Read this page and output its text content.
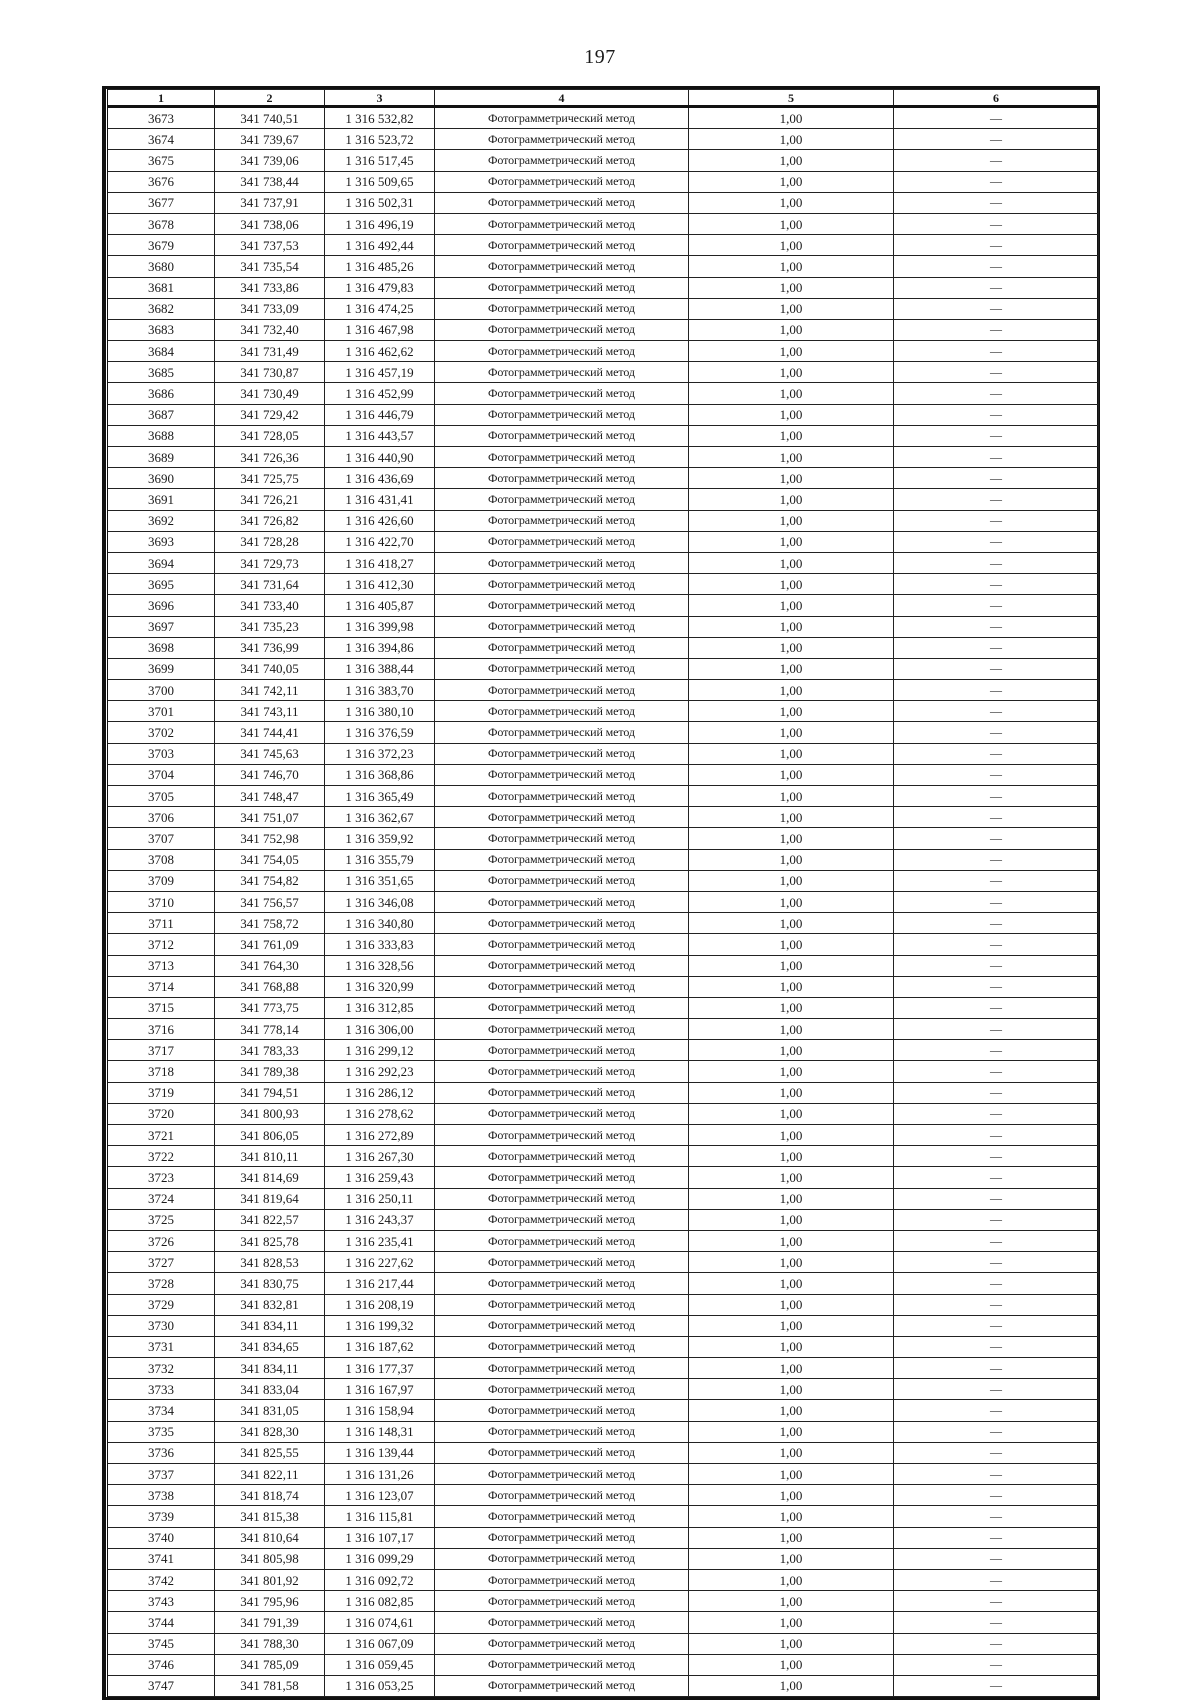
197
1	2	3	4	5	6
3673	341 740,51	1 316 532,82	Фотограмметрический метод	1,00	—
3674	341 739,67	1 316 523,72	Фотограмметрический метод	1,00	—
3675	341 739,06	1 316 517,45	Фотограмметрический метод	1,00	—
3676	341 738,44	1 316 509,65	Фотограмметрический метод	1,00	—
3677	341 737,91	1 316 502,31	Фотограмметрический метод	1,00	—
3678	341 738,06	1 316 496,19	Фотограмметрический метод	1,00	—
3679	341 737,53	1 316 492,44	Фотограмметрический метод	1,00	—
3680	341 735,54	1 316 485,26	Фотограмметрический метод	1,00	—
3681	341 733,86	1 316 479,83	Фотограмметрический метод	1,00	—
3682	341 733,09	1 316 474,25	Фотограмметрический метод	1,00	—
3683	341 732,40	1 316 467,98	Фотограмметрический метод	1,00	—
3684	341 731,49	1 316 462,62	Фотограмметрический метод	1,00	—
3685	341 730,87	1 316 457,19	Фотограмметрический метод	1,00	—
3686	341 730,49	1 316 452,99	Фотограмметрический метод	1,00	—
3687	341 729,42	1 316 446,79	Фотограмметрический метод	1,00	—
3688	341 728,05	1 316 443,57	Фотограмметрический метод	1,00	—
3689	341 726,36	1 316 440,90	Фотограмметрический метод	1,00	—
3690	341 725,75	1 316 436,69	Фотограмметрический метод	1,00	—
3691	341 726,21	1 316 431,41	Фотограмметрический метод	1,00	—
3692	341 726,82	1 316 426,60	Фотограмметрический метод	1,00	—
3693	341 728,28	1 316 422,70	Фотограмметрический метод	1,00	—
3694	341 729,73	1 316 418,27	Фотограмметрический метод	1,00	—
3695	341 731,64	1 316 412,30	Фотограмметрический метод	1,00	—
3696	341 733,40	1 316 405,87	Фотограмметрический метод	1,00	—
3697	341 735,23	1 316 399,98	Фотограмметрический метод	1,00	—
3698	341 736,99	1 316 394,86	Фотограмметрический метод	1,00	—
3699	341 740,05	1 316 388,44	Фотограмметрический метод	1,00	—
3700	341 742,11	1 316 383,70	Фотограмметрический метод	1,00	—
3701	341 743,11	1 316 380,10	Фотограмметрический метод	1,00	—
3702	341 744,41	1 316 376,59	Фотограмметрический метод	1,00	—
3703	341 745,63	1 316 372,23	Фотограмметрический метод	1,00	—
3704	341 746,70	1 316 368,86	Фотограмметрический метод	1,00	—
3705	341 748,47	1 316 365,49	Фотограмметрический метод	1,00	—
3706	341 751,07	1 316 362,67	Фотограмметрический метод	1,00	—
3707	341 752,98	1 316 359,92	Фотограмметрический метод	1,00	—
3708	341 754,05	1 316 355,79	Фотограмметрический метод	1,00	—
3709	341 754,82	1 316 351,65	Фотограмметрический метод	1,00	—
3710	341 756,57	1 316 346,08	Фотограмметрический метод	1,00	—
3711	341 758,72	1 316 340,80	Фотограмметрический метод	1,00	—
3712	341 761,09	1 316 333,83	Фотограмметрический метод	1,00	—
3713	341 764,30	1 316 328,56	Фотограмметрический метод	1,00	—
3714	341 768,88	1 316 320,99	Фотограмметрический метод	1,00	—
3715	341 773,75	1 316 312,85	Фотограмметрический метод	1,00	—
3716	341 778,14	1 316 306,00	Фотограмметрический метод	1,00	—
3717	341 783,33	1 316 299,12	Фотограмметрический метод	1,00	—
3718	341 789,38	1 316 292,23	Фотограмметрический метод	1,00	—
3719	341 794,51	1 316 286,12	Фотограмметрический метод	1,00	—
3720	341 800,93	1 316 278,62	Фотограмметрический метод	1,00	—
3721	341 806,05	1 316 272,89	Фотограмметрический метод	1,00	—
3722	341 810,11	1 316 267,30	Фотограмметрический метод	1,00	—
3723	341 814,69	1 316 259,43	Фотограмметрический метод	1,00	—
3724	341 819,64	1 316 250,11	Фотограмметрический метод	1,00	—
3725	341 822,57	1 316 243,37	Фотограмметрический метод	1,00	—
3726	341 825,78	1 316 235,41	Фотограмметрический метод	1,00	—
3727	341 828,53	1 316 227,62	Фотограмметрический метод	1,00	—
3728	341 830,75	1 316 217,44	Фотограмметрический метод	1,00	—
3729	341 832,81	1 316 208,19	Фотограмметрический метод	1,00	—
3730	341 834,11	1 316 199,32	Фотограмметрический метод	1,00	—
3731	341 834,65	1 316 187,62	Фотограмметрический метод	1,00	—
3732	341 834,11	1 316 177,37	Фотограмметрический метод	1,00	—
3733	341 833,04	1 316 167,97	Фотограмметрический метод	1,00	—
3734	341 831,05	1 316 158,94	Фотограмметрический метод	1,00	—
3735	341 828,30	1 316 148,31	Фотограмметрический метод	1,00	—
3736	341 825,55	1 316 139,44	Фотограмметрический метод	1,00	—
3737	341 822,11	1 316 131,26	Фотограмметрический метод	1,00	—
3738	341 818,74	1 316 123,07	Фотограмметрический метод	1,00	—
3739	341 815,38	1 316 115,81	Фотограмметрический метод	1,00	—
3740	341 810,64	1 316 107,17	Фотограмметрический метод	1,00	—
3741	341 805,98	1 316 099,29	Фотограмметрический метод	1,00	—
3742	341 801,92	1 316 092,72	Фотограмметрический метод	1,00	—
3743	341 795,96	1 316 082,85	Фотограмметрический метод	1,00	—
3744	341 791,39	1 316 074,61	Фотограмметрический метод	1,00	—
3745	341 788,30	1 316 067,09	Фотограмметрический метод	1,00	—
3746	341 785,09	1 316 059,45	Фотограмметрический метод	1,00	—
3747	341 781,58	1 316 053,25	Фотограмметрический метод	1,00	—
